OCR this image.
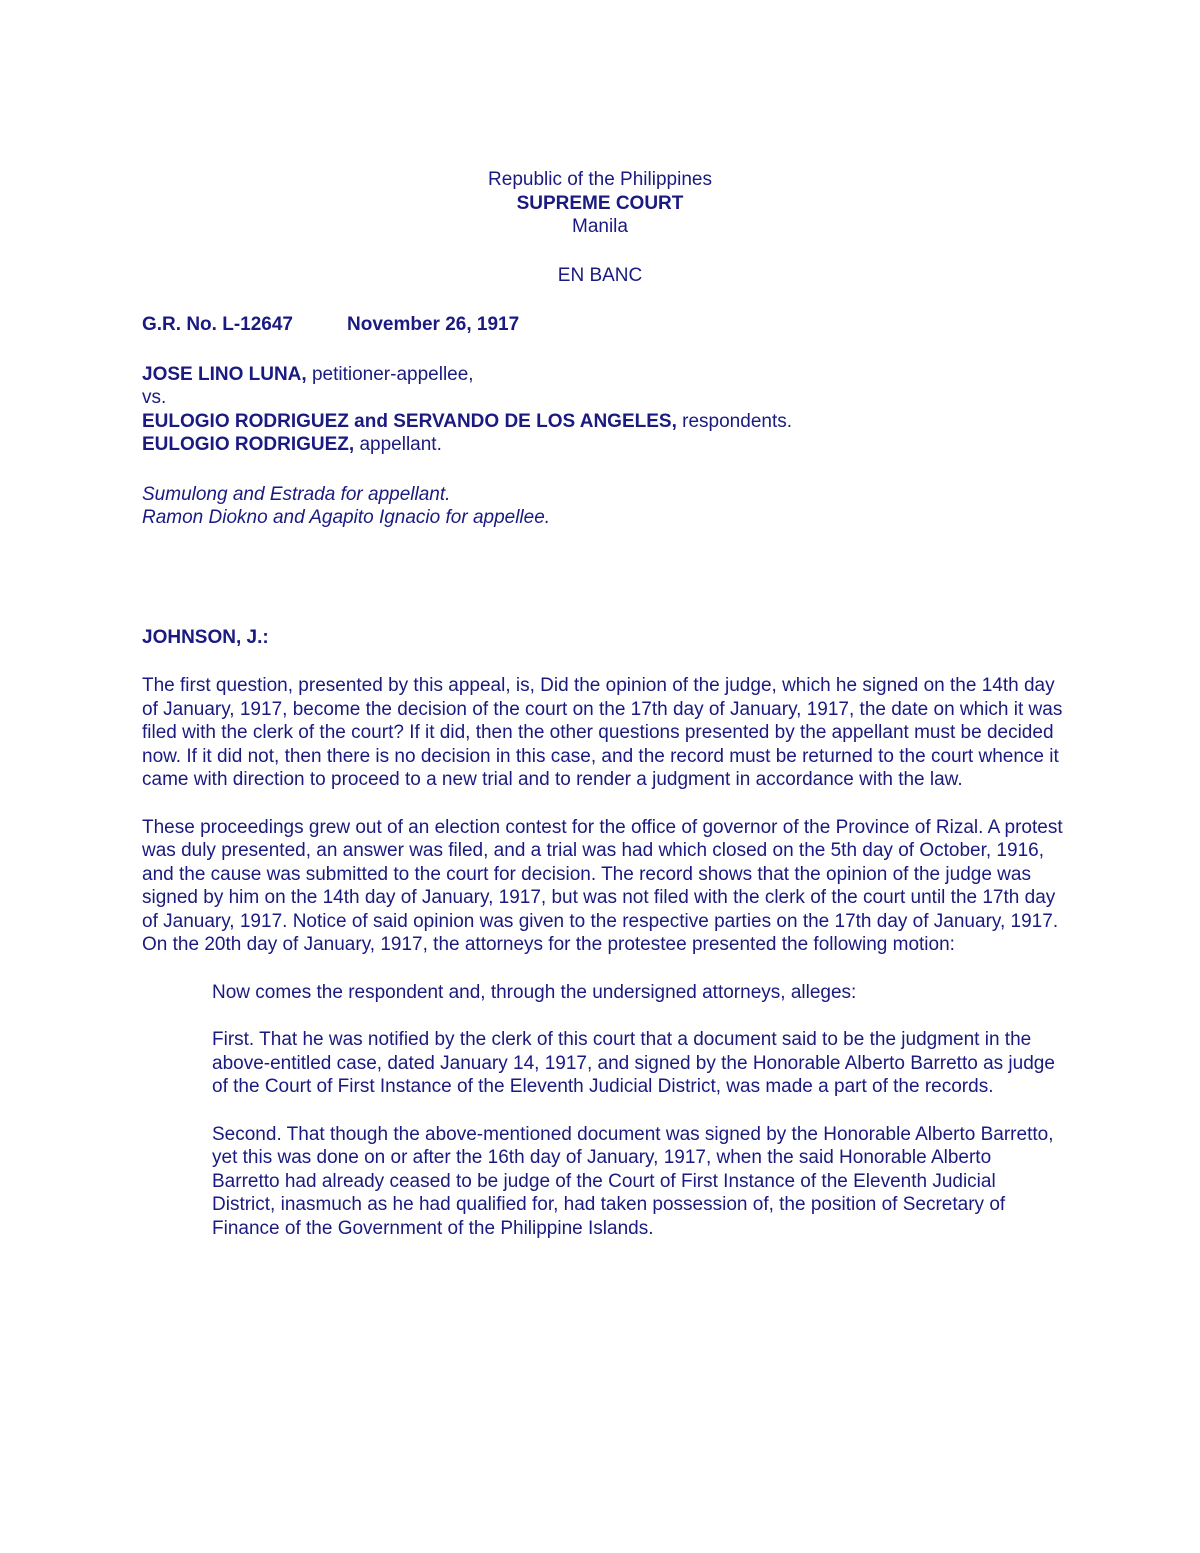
Republic of the Philippines
SUPREME COURT
Manila
EN BANC
G.R. No. L-12647	November 26, 1917
JOSE LINO LUNA, petitioner-appellee,
vs.
EULOGIO RODRIGUEZ and SERVANDO DE LOS ANGELES, respondents.
EULOGIO RODRIGUEZ, appellant.
Sumulong and Estrada for appellant.
Ramon Diokno and Agapito Ignacio for appellee.

JOHNSON, J.:

The first question, presented by this appeal, is, Did the opinion of the judge, which he signed on the 14th day of January, 1917, become the decision of the court on the 17th day of January, 1917, the date on which it was filed with the clerk of the court? If it did, then the other questions presented by the appellant must be decided now. If it did not, then there is no decision in this case, and the record must be returned to the court whence it came with direction to proceed to a new trial and to render a judgment in accordance with the law.

These proceedings grew out of an election contest for the office of governor of the Province of Rizal. A protest was duly presented, an answer was filed, and a trial was had which closed on the 5th day of October, 1916, and the cause was submitted to the court for decision. The record shows that the opinion of the judge was signed by him on the 14th day of January, 1917, but was not filed with the clerk of the court until the 17th day of January, 1917. Notice of said opinion was given to the respective parties on the 17th day of January, 1917. On the 20th day of January, 1917, the attorneys for the protestee presented the following motion:

Now comes the respondent and, through the undersigned attorneys, alleges:

First. That he was notified by the clerk of this court that a document said to be the judgment in the above-entitled case, dated January 14, 1917, and signed by the Honorable Alberto Barretto as judge of the Court of First Instance of the Eleventh Judicial District, was made a part of the records.

Second. That though the above-mentioned document was signed by the Honorable Alberto Barretto, yet this was done on or after the 16th day of January, 1917, when the said Honorable Alberto Barretto had already ceased to be judge of the Court of First Instance of the Eleventh Judicial District, inasmuch as he had qualified for, had taken possession of, the position of Secretary of Finance of the Government of the Philippine Islands.
